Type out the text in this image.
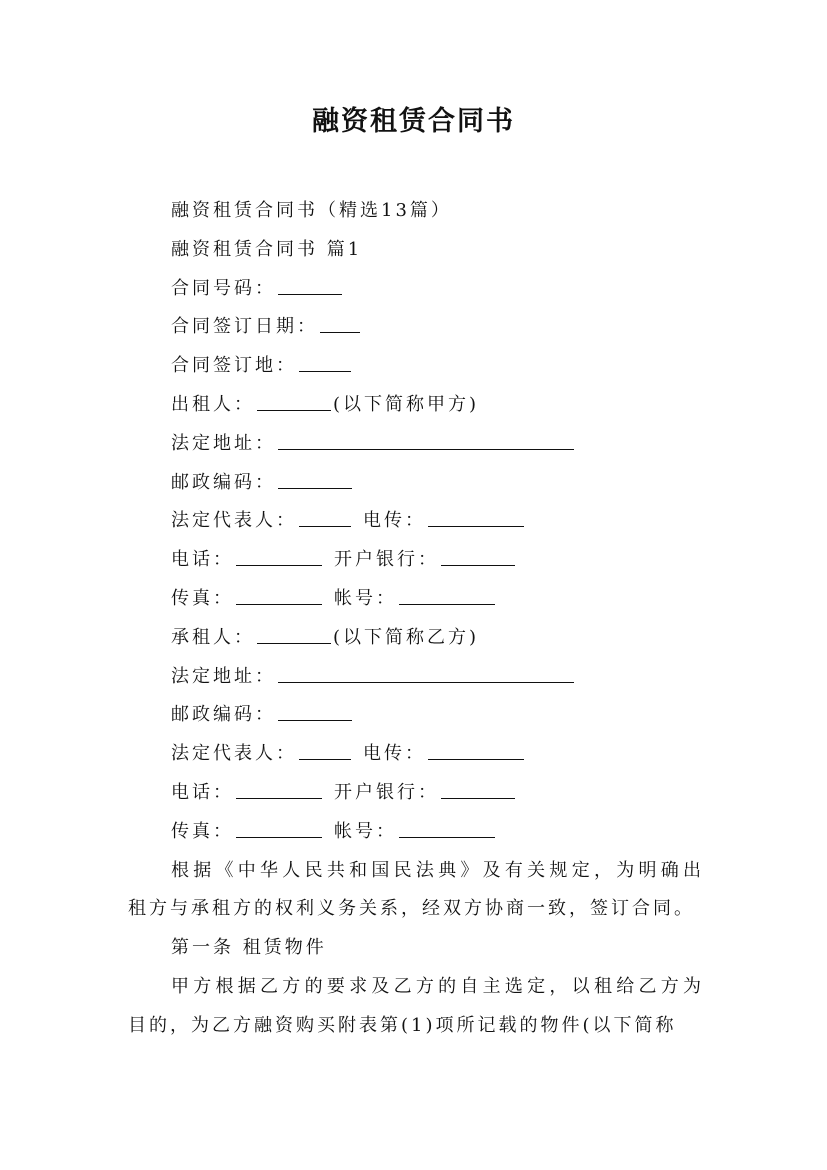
融资租赁合同书
融资租赁合同书（精选13篇）
融资租赁合同书 篇1
合同号码：
合同签订日期：
合同签订地：
出租人：	(以下简称甲方)
法定地址：
邮政编码：
法定代表人：	电传：
电话：	开户银行：
传真：	帐号：
承租人：	(以下简称乙方)
法定地址：
邮政编码：
法定代表人：	电传：
电话：	开户银行：
传真：	帐号：
根据《中华人民共和国民法典》及有关规定，为明确出
租方与承租方的权利义务关系，经双方协商一致，签订合同。
第一条 租赁物件
甲方根据乙方的要求及乙方的自主选定，以租给乙方为
目的，为乙方融资购买附表第(1)项所记载的物件(以下简称
